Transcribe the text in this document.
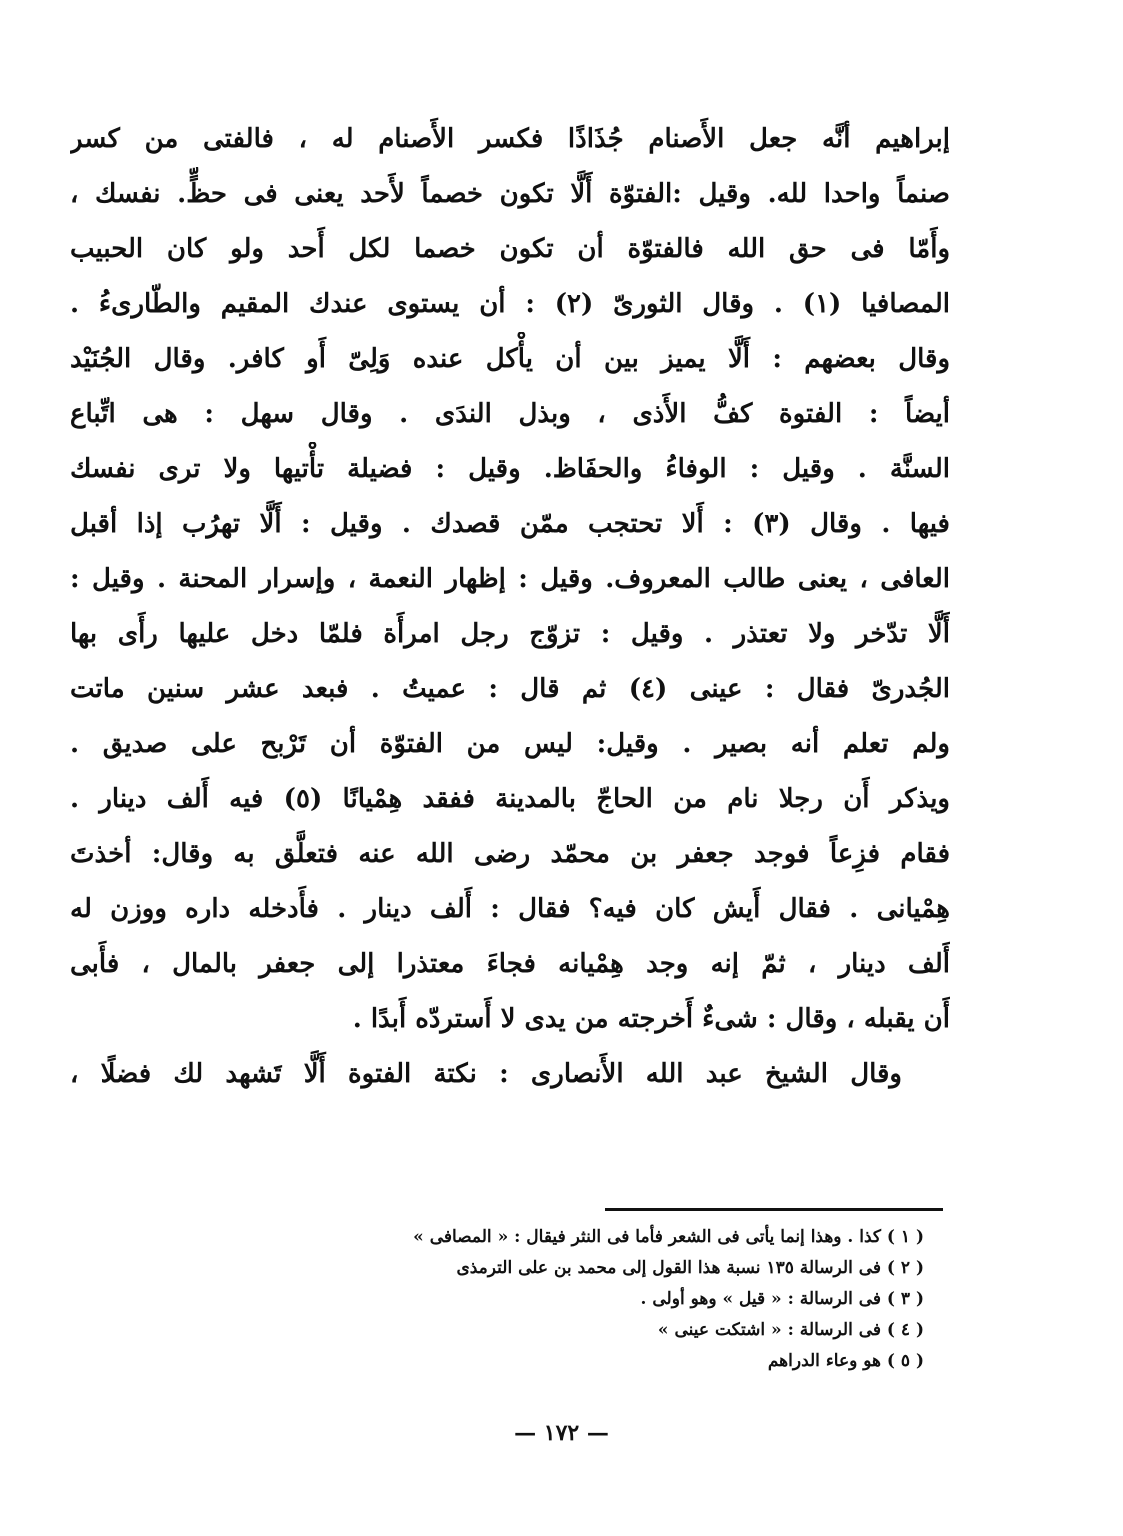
إبراهيم أنَّه جعل الأَصنام جُذَاذًا فكسر الأَصنام له ، فالفتى من كسر
صنماً واحدا لله. وقيل :الفتوّة أَلَّا تكون خصماً لأَحد يعنى فى حظٍّ. نفسك ،
وأَمّا فى حق الله فالفتوّة أن تكون خصما لكل أَحد ولو كان الحبيب
المصافيا (١) . وقال الثورىّ (٢) : أن يستوى عندك المقيم والطّارىءُ .
وقال بعضهم : أَلَّا يميز بين أن يأْكل عنده وَلِىّ أَو كافر. وقال الجُنَيْد
أيضاً : الفتوة كفُّ الأَذى ، وبذل الندَى . وقال سهل : هى اتِّباع
السنَّة . وقيل : الوفاءُ والحفَاظ. وقيل : فضيلة تأْتيها ولا ترى نفسك
فيها . وقال (٣) : أَلا تحتجب ممّن قصدك . وقيل : أَلَّا تهرُب إذا أقبل
العافى ، يعنى طالب المعروف. وقيل : إظهار النعمة ، وإسرار المحنة . وقيل :
أَلَّا تدّخر ولا تعتذر . وقيل : تزوّج رجل امرأَة فلمّا دخل عليها رأَى بها
الجُدرىّ فقال : عينى (٤) ثم قال : عميتُ . فبعد عشر سنين ماتت
ولم تعلم أنه بصير . وقيل: ليس من الفتوّة أن تَرْبح على صديق .
ويذكر أَن رجلا نام من الحاجّ بالمدينة ففقد هِمْيانًا (٥) فيه أَلف دينار .
فقام فزِعاً فوجد جعفر بن محمّد رضى الله عنه فتعلَّق به وقال: أخذتَ
هِمْيانى . فقال أَيش كان فيه؟ فقال : أَلف دينار . فأَدخله داره ووزن له
أَلف دينار ، ثمّ إنه وجد هِمْيانه فجاءَ معتذرا إلى جعفر بالمال ، فأَبى
أَن يقبله ، وقال : شىءٌ أَخرجته من يدى لا أَستردّه أَبدًا .
وقال الشيخ عبد الله الأَنصارى : نكتة الفتوة أَلَّا تَشهد لك فضلًا ،
( ١ ) كذا . وهذا إنما يأتى فى الشعر فأما فى النثر فيقال : « المصافى »
( ٢ ) فى الرسالة ١٣٥ نسبة هذا القول إلى محمد بن على الترمذى
( ٣ ) فى الرسالة : « قيل » وهو أولى .
( ٤ ) فى الرسالة : « اشتكت عينى »
( ٥ ) هو وعاء الدراهم
— ١٧٢ —
